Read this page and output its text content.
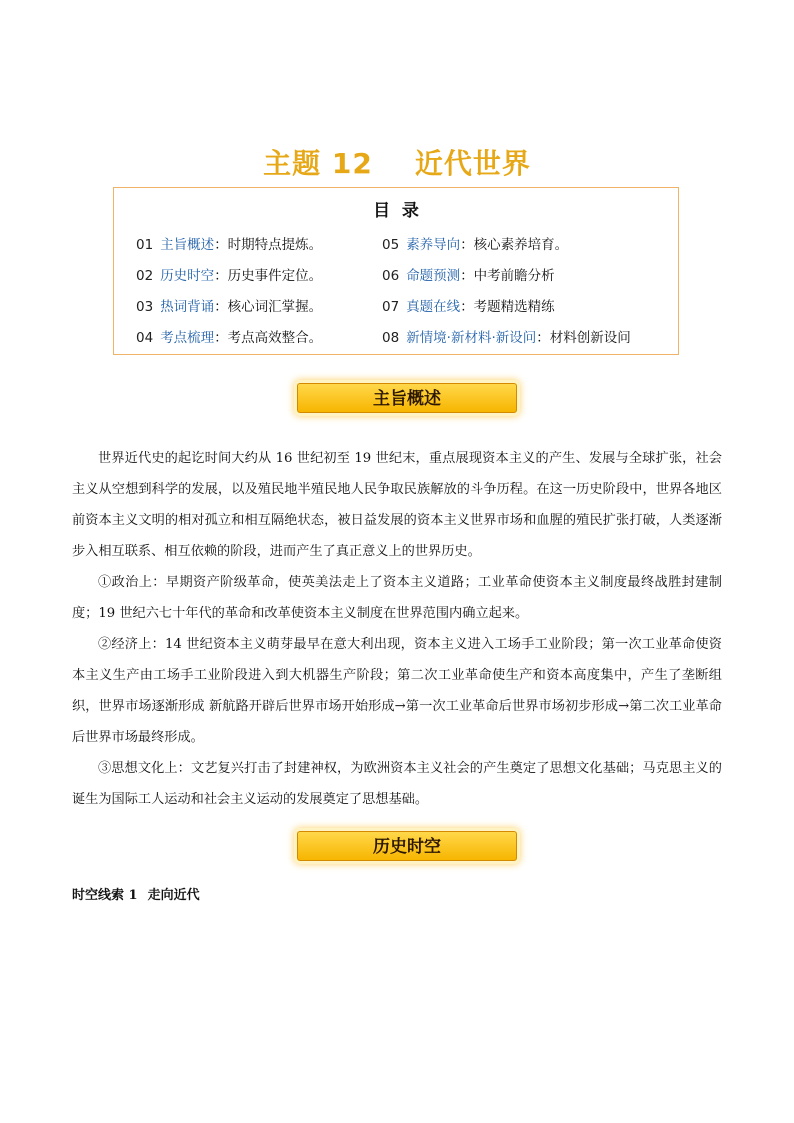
主题 12 近代世界
目  录
01 主旨概述：时期特点提炼。
02 历史时空：历史事件定位。
03 热词背诵：核心词汇掌握。
04 考点梳理：考点高效整合。
05 素养导向：核心素养培育。
06 命题预测：中考前瞻分析
07 真题在线：考题精选精练
08 新情境·新材料·新设问：材料创新设问
主旨概述

世界近代史的起讫时间大约从 16 世纪初至 19 世纪末，重点展现资本主义的产生、发展与全球扩张，社会主义从空想到科学的发展，以及殖民地半殖民地人民争取民族解放的斗争历程。在这一历史阶段中，世界各地区前资本主义文明的相对孤立和相互隔绝状态，被日益发展的资本主义世界市场和血腥的殖民扩张打破，人类逐渐步入相互联系、相互依赖的阶段，进而产生了真正意义上的世界历史。

①政治上：早期资产阶级革命，使英美法走上了资本主义道路；工业革命使资本主义制度最终战胜封建制度；19 世纪六七十年代的革命和改革使资本主义制度在世界范围内确立起来。

②经济上：14 世纪资本主义萌芽最早在意大利出现，资本主义进入工场手工业阶段；第一次工业革命使资本主义生产由工场手工业阶段进入到大机器生产阶段；第二次工业革命使生产和资本高度集中，产生了垄断组织，世界市场逐渐形成 新航路开辟后世界市场开始形成→第一次工业革命后世界市场初步形成→第二次工业革命后世界市场最终形成。

③思想文化上：文艺复兴打击了封建神权，为欧洲资本主义社会的产生奠定了思想文化基础；马克思主义的诞生为国际工人运动和社会主义运动的发展奠定了思想基础。

历史时空
时空线索 1 走向近代
